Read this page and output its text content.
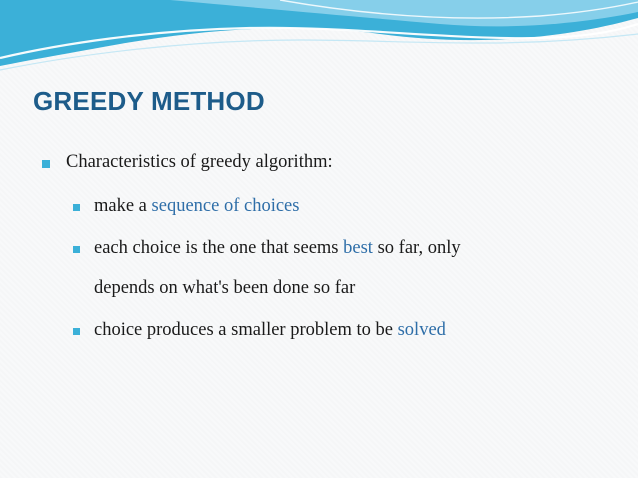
GREEDY METHOD
Characteristics of greedy algorithm:
make a sequence of choices

each choice is the one that seems best so far, only

depends on what's been done so far
choice produces a smaller problem to be solved
